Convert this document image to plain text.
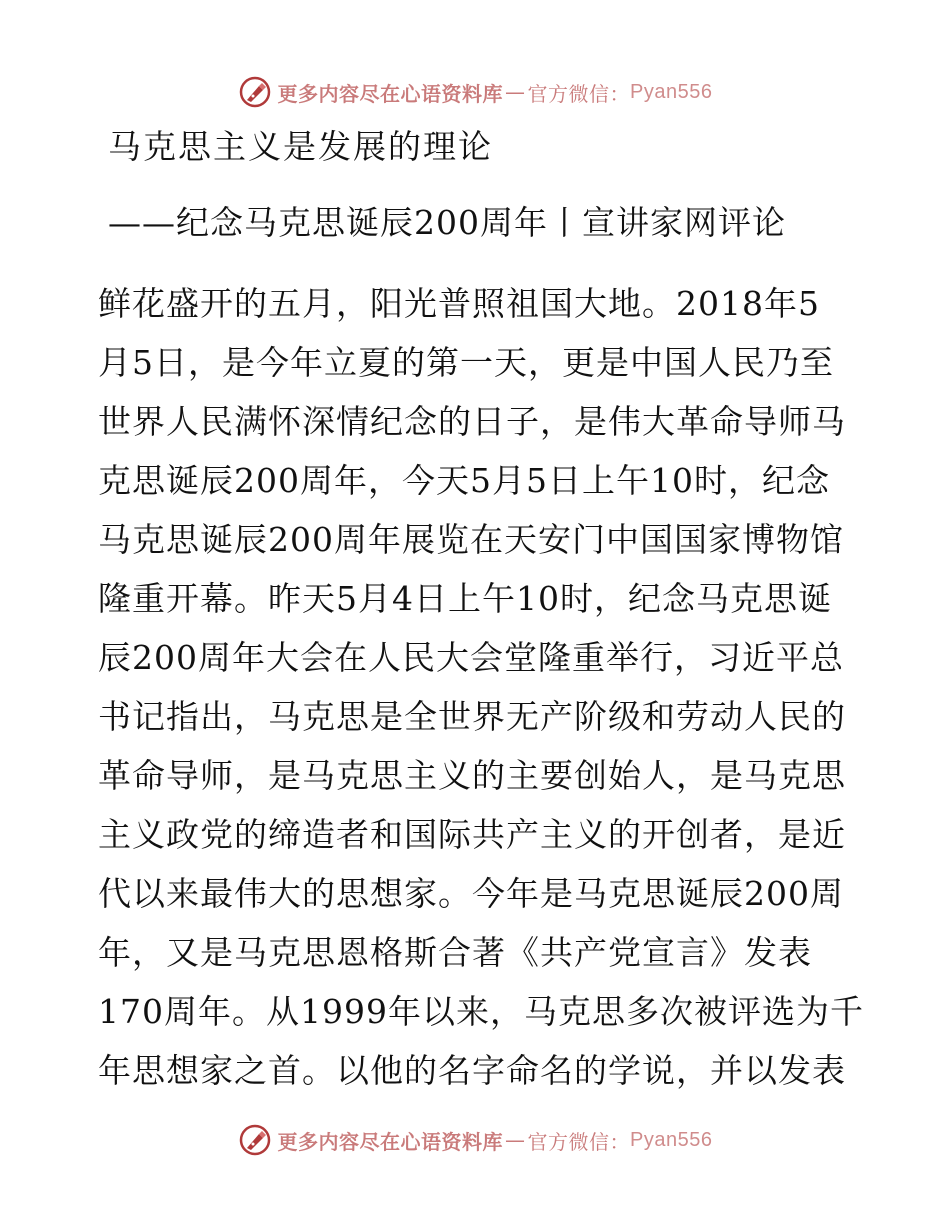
更多内容尽在心语资料库 — 官方微信： Pyan556
马克思主义是发展的理论
——纪念马克思诞辰200周年丨宣讲家网评论
鲜花盛开的五月，阳光普照祖国大地。2018年5
月5日，是今年立夏的第一天，更是中国人民乃至
世界人民满怀深情纪念的日子，是伟大革命导师马
克思诞辰200周年，今天5月5日上午10时，纪念
马克思诞辰200周年展览在天安门中国国家博物馆
隆重开幕。昨天5月4日上午10时，纪念马克思诞
辰200周年大会在人民大会堂隆重举行，习近平总
书记指出，马克思是全世界无产阶级和劳动人民的
革命导师，是马克思主义的主要创始人，是马克思
主义政党的缔造者和国际共产主义的开创者，是近
代以来最伟大的思想家。今年是马克思诞辰200周
年，又是马克思恩格斯合著《共产党宣言》发表
170周年。从1999年以来，马克思多次被评选为千
年思想家之首。以他的名字命名的学说，并以发表
更多内容尽在心语资料库 — 官方微信： Pyan556
